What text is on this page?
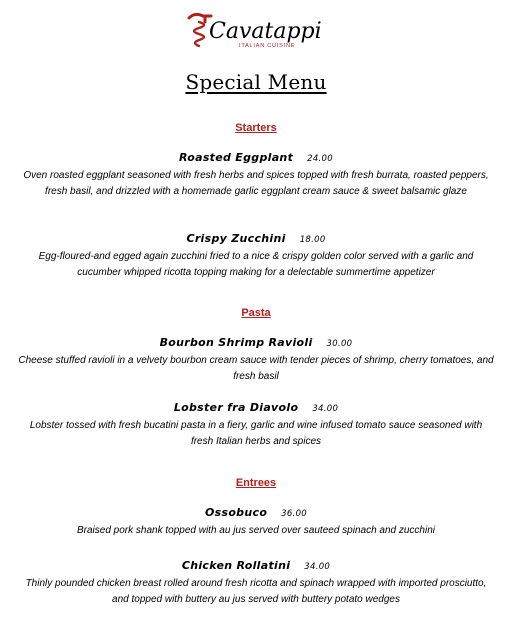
Cavatappi
ITALIAN CUISINE
Special Menu
Starters
Roasted Eggplant 24.00
Oven roasted eggplant seasoned with fresh herbs and spices topped with fresh burrata, roasted peppers, fresh basil, and drizzled with a homemade garlic eggplant cream sauce & sweet balsamic glaze
Crispy Zucchini 18.00
Egg-floured-and egged again zucchini fried to a nice & crispy golden color served with a garlic and cucumber whipped ricotta topping making for a delectable summertime appetizer
Pasta
Bourbon Shrimp Ravioli 30.00
Cheese stuffed ravioli in a velvety bourbon cream sauce with tender pieces of shrimp, cherry tomatoes, and fresh basil
Lobster fra Diavolo 34.00
Lobster tossed with fresh bucatini pasta in a fiery, garlic and wine infused tomato sauce seasoned with fresh Italian herbs and spices
Entrees
Ossobuco 36.00
Braised pork shank topped with au jus served over sauteed spinach and zucchini
Chicken Rollatini 34.00
Thinly pounded chicken breast rolled around fresh ricotta and spinach wrapped with imported prosciutto, and topped with buttery au jus served with buttery potato wedges
